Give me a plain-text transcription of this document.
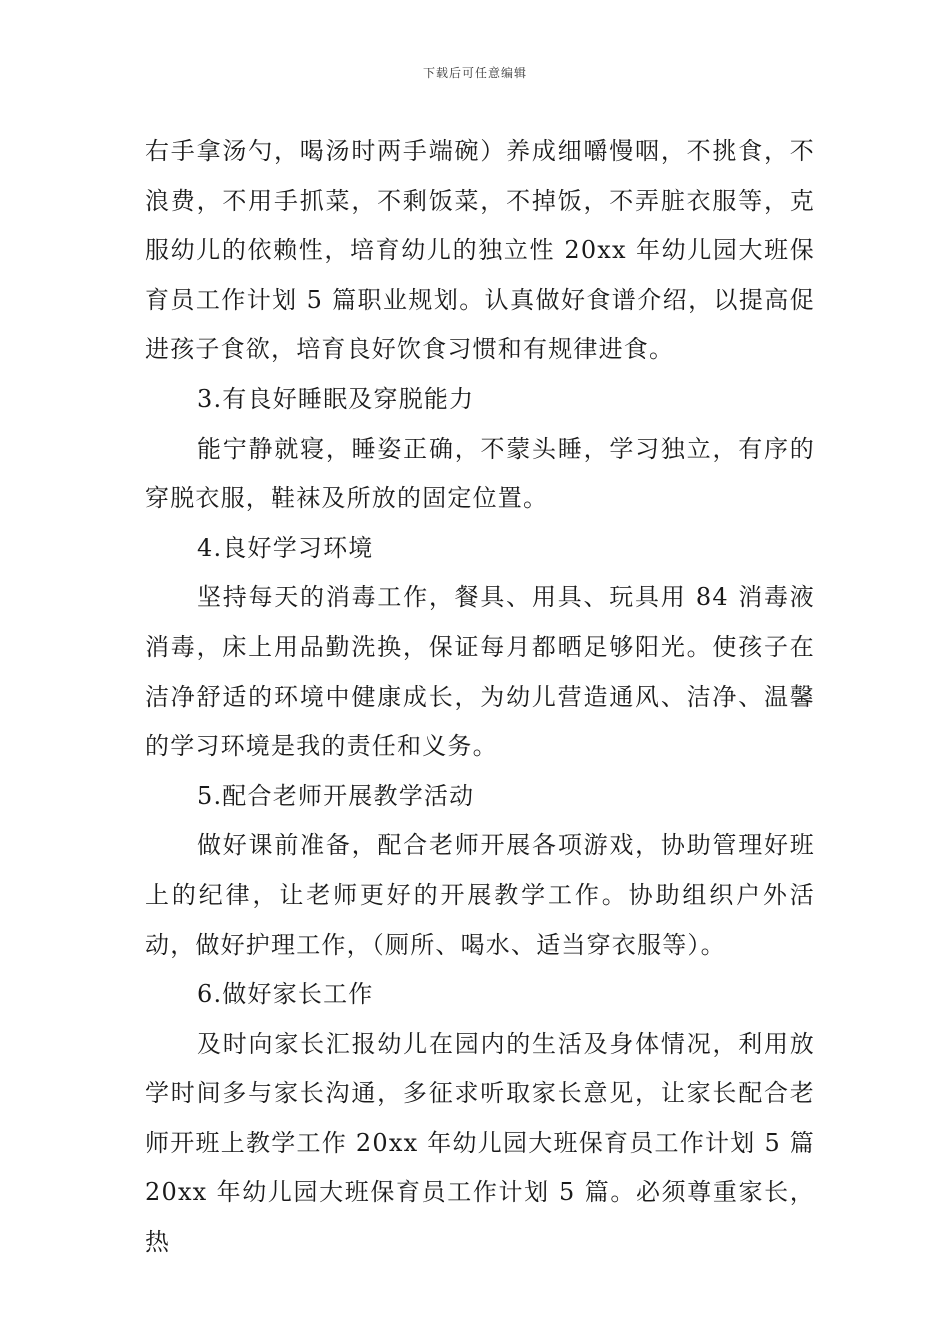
下载后可任意编辑

右手拿汤勺，喝汤时两手端碗）养成细嚼慢咽，不挑食，不浪费，不用手抓菜，不剩饭菜，不掉饭，不弄脏衣服等，克服幼儿的依赖性，培育幼儿的独立性 20xx 年幼儿园大班保育员工作计划 5 篇职业规划。认真做好食谱介绍，以提高促进孩子食欲，培育良好饮食习惯和有规律进食。

3.有良好睡眠及穿脱能力

能宁静就寝，睡姿正确，不蒙头睡，学习独立，有序的穿脱衣服，鞋袜及所放的固定位置。

4.良好学习环境

坚持每天的消毒工作，餐具、用具、玩具用 84 消毒液消毒，床上用品勤洗换，保证每月都晒足够阳光。使孩子在洁净舒适的环境中健康成长，为幼儿营造通风、洁净、温馨的学习环境是我的责任和义务。

5.配合老师开展教学活动

做好课前准备，配合老师开展各项游戏，协助管理好班上的纪律，让老师更好的开展教学工作。协助组织户外活动，做好护理工作，（厕所、喝水、适当穿衣服等）。

6.做好家长工作

及时向家长汇报幼儿在园内的生活及身体情况，利用放学时间多与家长沟通，多征求听取家长意见，让家长配合老师开班上教学工作 20xx 年幼儿园大班保育员工作计划 5 篇 20xx 年幼儿园大班保育员工作计划 5 篇。必须尊重家长，热
